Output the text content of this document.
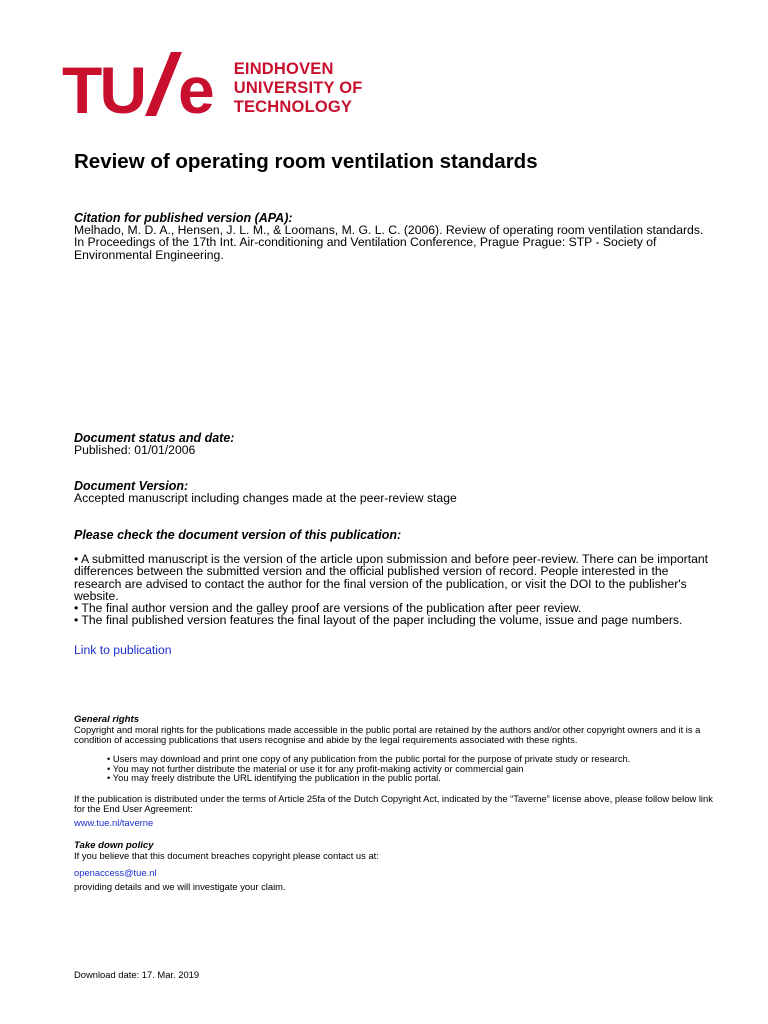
TU e EINDHOVEN
UNIVERSITY OF
TECHNOLOGY
Review of operating room ventilation standards
Citation for published version (APA):
Melhado, M. D. A., Hensen, J. L. M., & Loomans, M. G. L. C. (2006). Review of operating room ventilation standards. In Proceedings of the 17th Int. Air-conditioning and Ventilation Conference, Prague Prague: STP - Society of Environmental Engineering.
Document status and date:
Published: 01/01/2006
Document Version:
Accepted manuscript including changes made at the peer-review stage
Please check the document version of this publication:
• A submitted manuscript is the version of the article upon submission and before peer-review. There can be important differences between the submitted version and the official published version of record. People interested in the research are advised to contact the author for the final version of the publication, or visit the DOI to the publisher's website.
• The final author version and the galley proof are versions of the publication after peer review.
• The final published version features the final layout of the paper including the volume, issue and page numbers.
Link to publication
General rights
Copyright and moral rights for the publications made accessible in the public portal are retained by the authors and/or other copyright owners and it is a condition of accessing publications that users recognise and abide by the legal requirements associated with these rights.
• Users may download and print one copy of any publication from the public portal for the purpose of private study or research.
• You may not further distribute the material or use it for any profit-making activity or commercial gain
• You may freely distribute the URL identifying the publication in the public portal.
If the publication is distributed under the terms of Article 25fa of the Dutch Copyright Act, indicated by the “Taverne” license above, please follow below link for the End User Agreement:
www.tue.nl/taverne
Take down policy
If you believe that this document breaches copyright please contact us at:
openaccess@tue.nl
providing details and we will investigate your claim.
Download date: 17. Mar. 2019
